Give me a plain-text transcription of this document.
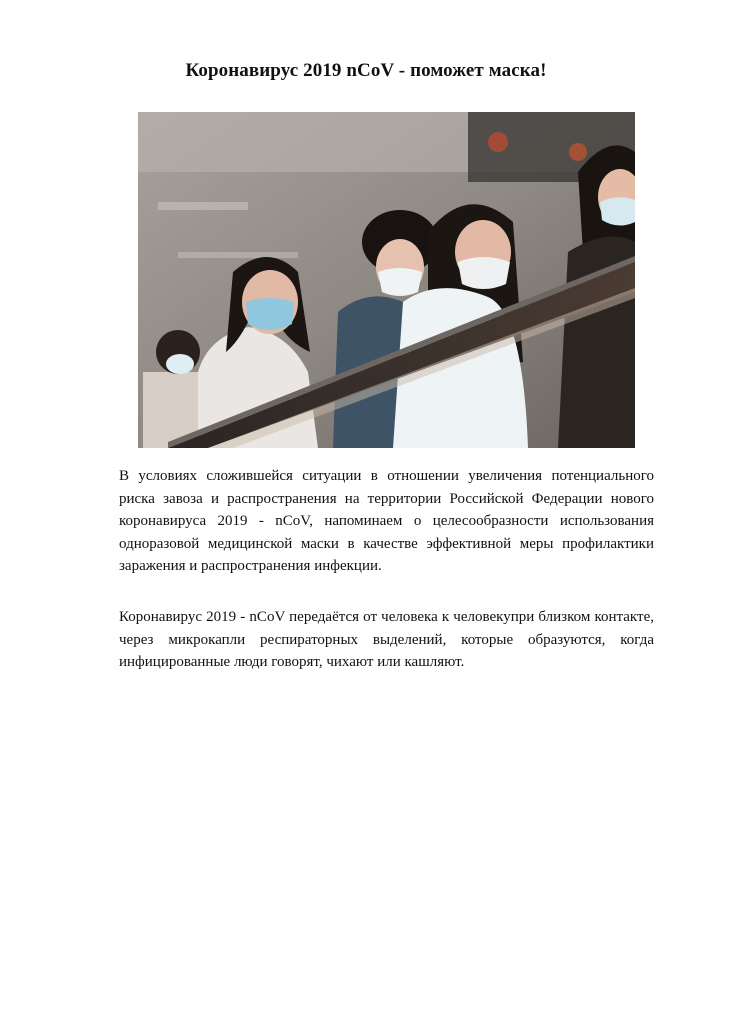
Коронавирус 2019 nCoV - поможет маска!

В условиях сложившейся ситуации в отношении увеличения потенциального риска завоза и распространения на территории Российской Федерации нового коронавируса 2019 - nCoV, напоминаем о целесообразности использования одноразовой медицинской маски в качестве эффективной меры профилактики заражения и распространения инфекции.

Коронавирус 2019 - nCoV передаётся от человека к человекупри близком контакте, через микрокапли респираторных выделений, которые образуются, когда инфицированные люди говорят, чихают или кашляют.
